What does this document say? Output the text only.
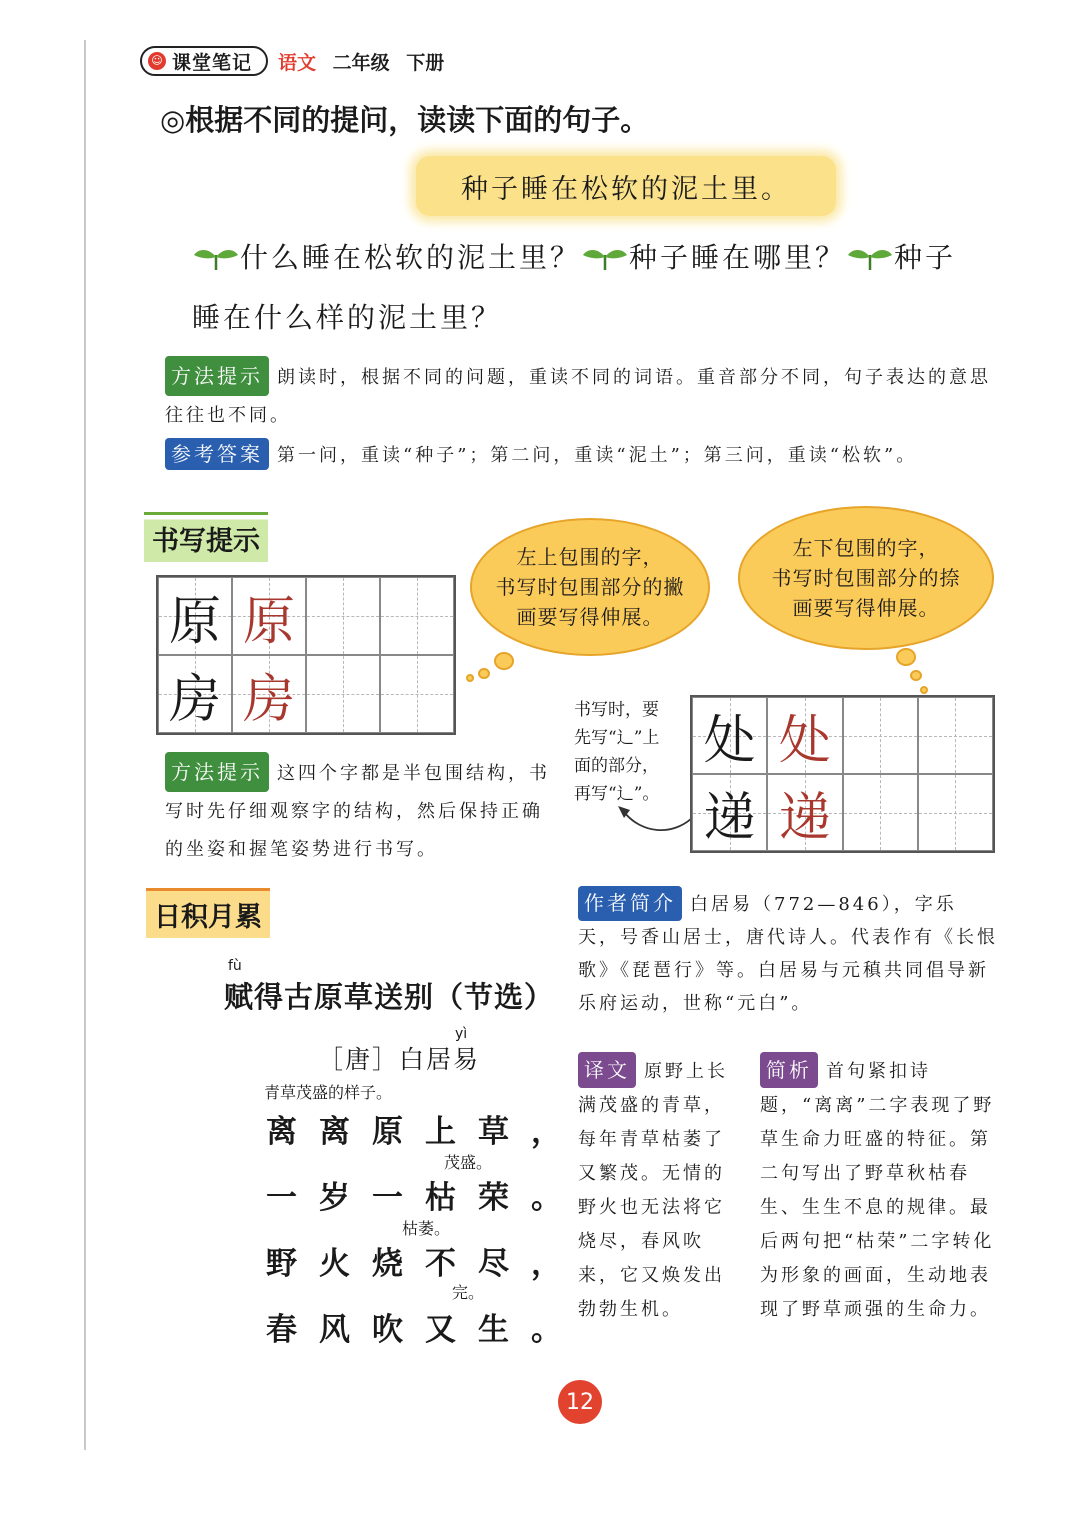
☺ 课堂笔记 语文 二年级 下册
◎根据不同的提问，读读下面的句子。
种子睡在松软的泥土里。
什么睡在松软的泥土里？ 种子睡在哪里？ 种子
睡在什么样的泥土里？
方法提示 朗读时，根据不同的问题，重读不同的词语。重音部分不同，句子表达的意思往往也不同。
参考答案 第一问，重读“种子”；第二问，重读“泥土”；第三问，重读“松软”。
书写提示
原 原
房 房
左上包围的字，
书写时包围部分的撇
画要写得伸展。
左下包围的字，
书写时包围部分的捺
画要写得伸展。
书写时，要
先写“⻌”上
面的部分，
再写“⻌”。
处 处
递 递
方法提示 这四个字都是半包围结构，书写时先仔细观察字的结构，然后保持正确的坐姿和握笔姿势进行书写。
日积月累
fù
赋得古原草送别（节选）
yì
［唐］白居易
青草茂盛的样子。
离离原上草，
茂盛。
一岁一枯荣。
枯萎。
野火烧不尽，
完。
春风吹又生。
作者简介 白居易（772—846），字乐天，号香山居士，唐代诗人。代表作有《长恨歌》《琵琶行》等。白居易与元稹共同倡导新乐府运动，世称“元白”。
译文 原野上长满茂盛的青草，每年青草枯萎了又繁茂。无情的野火也无法将它烧尽，春风吹来，它又焕发出勃勃生机。
简析 首句紧扣诗题，“离离”二字表现了野草生命力旺盛的特征。第二句写出了野草秋枯春生、生生不息的规律。最后两句把“枯荣”二字转化为形象的画面，生动地表现了野草顽强的生命力。
12
